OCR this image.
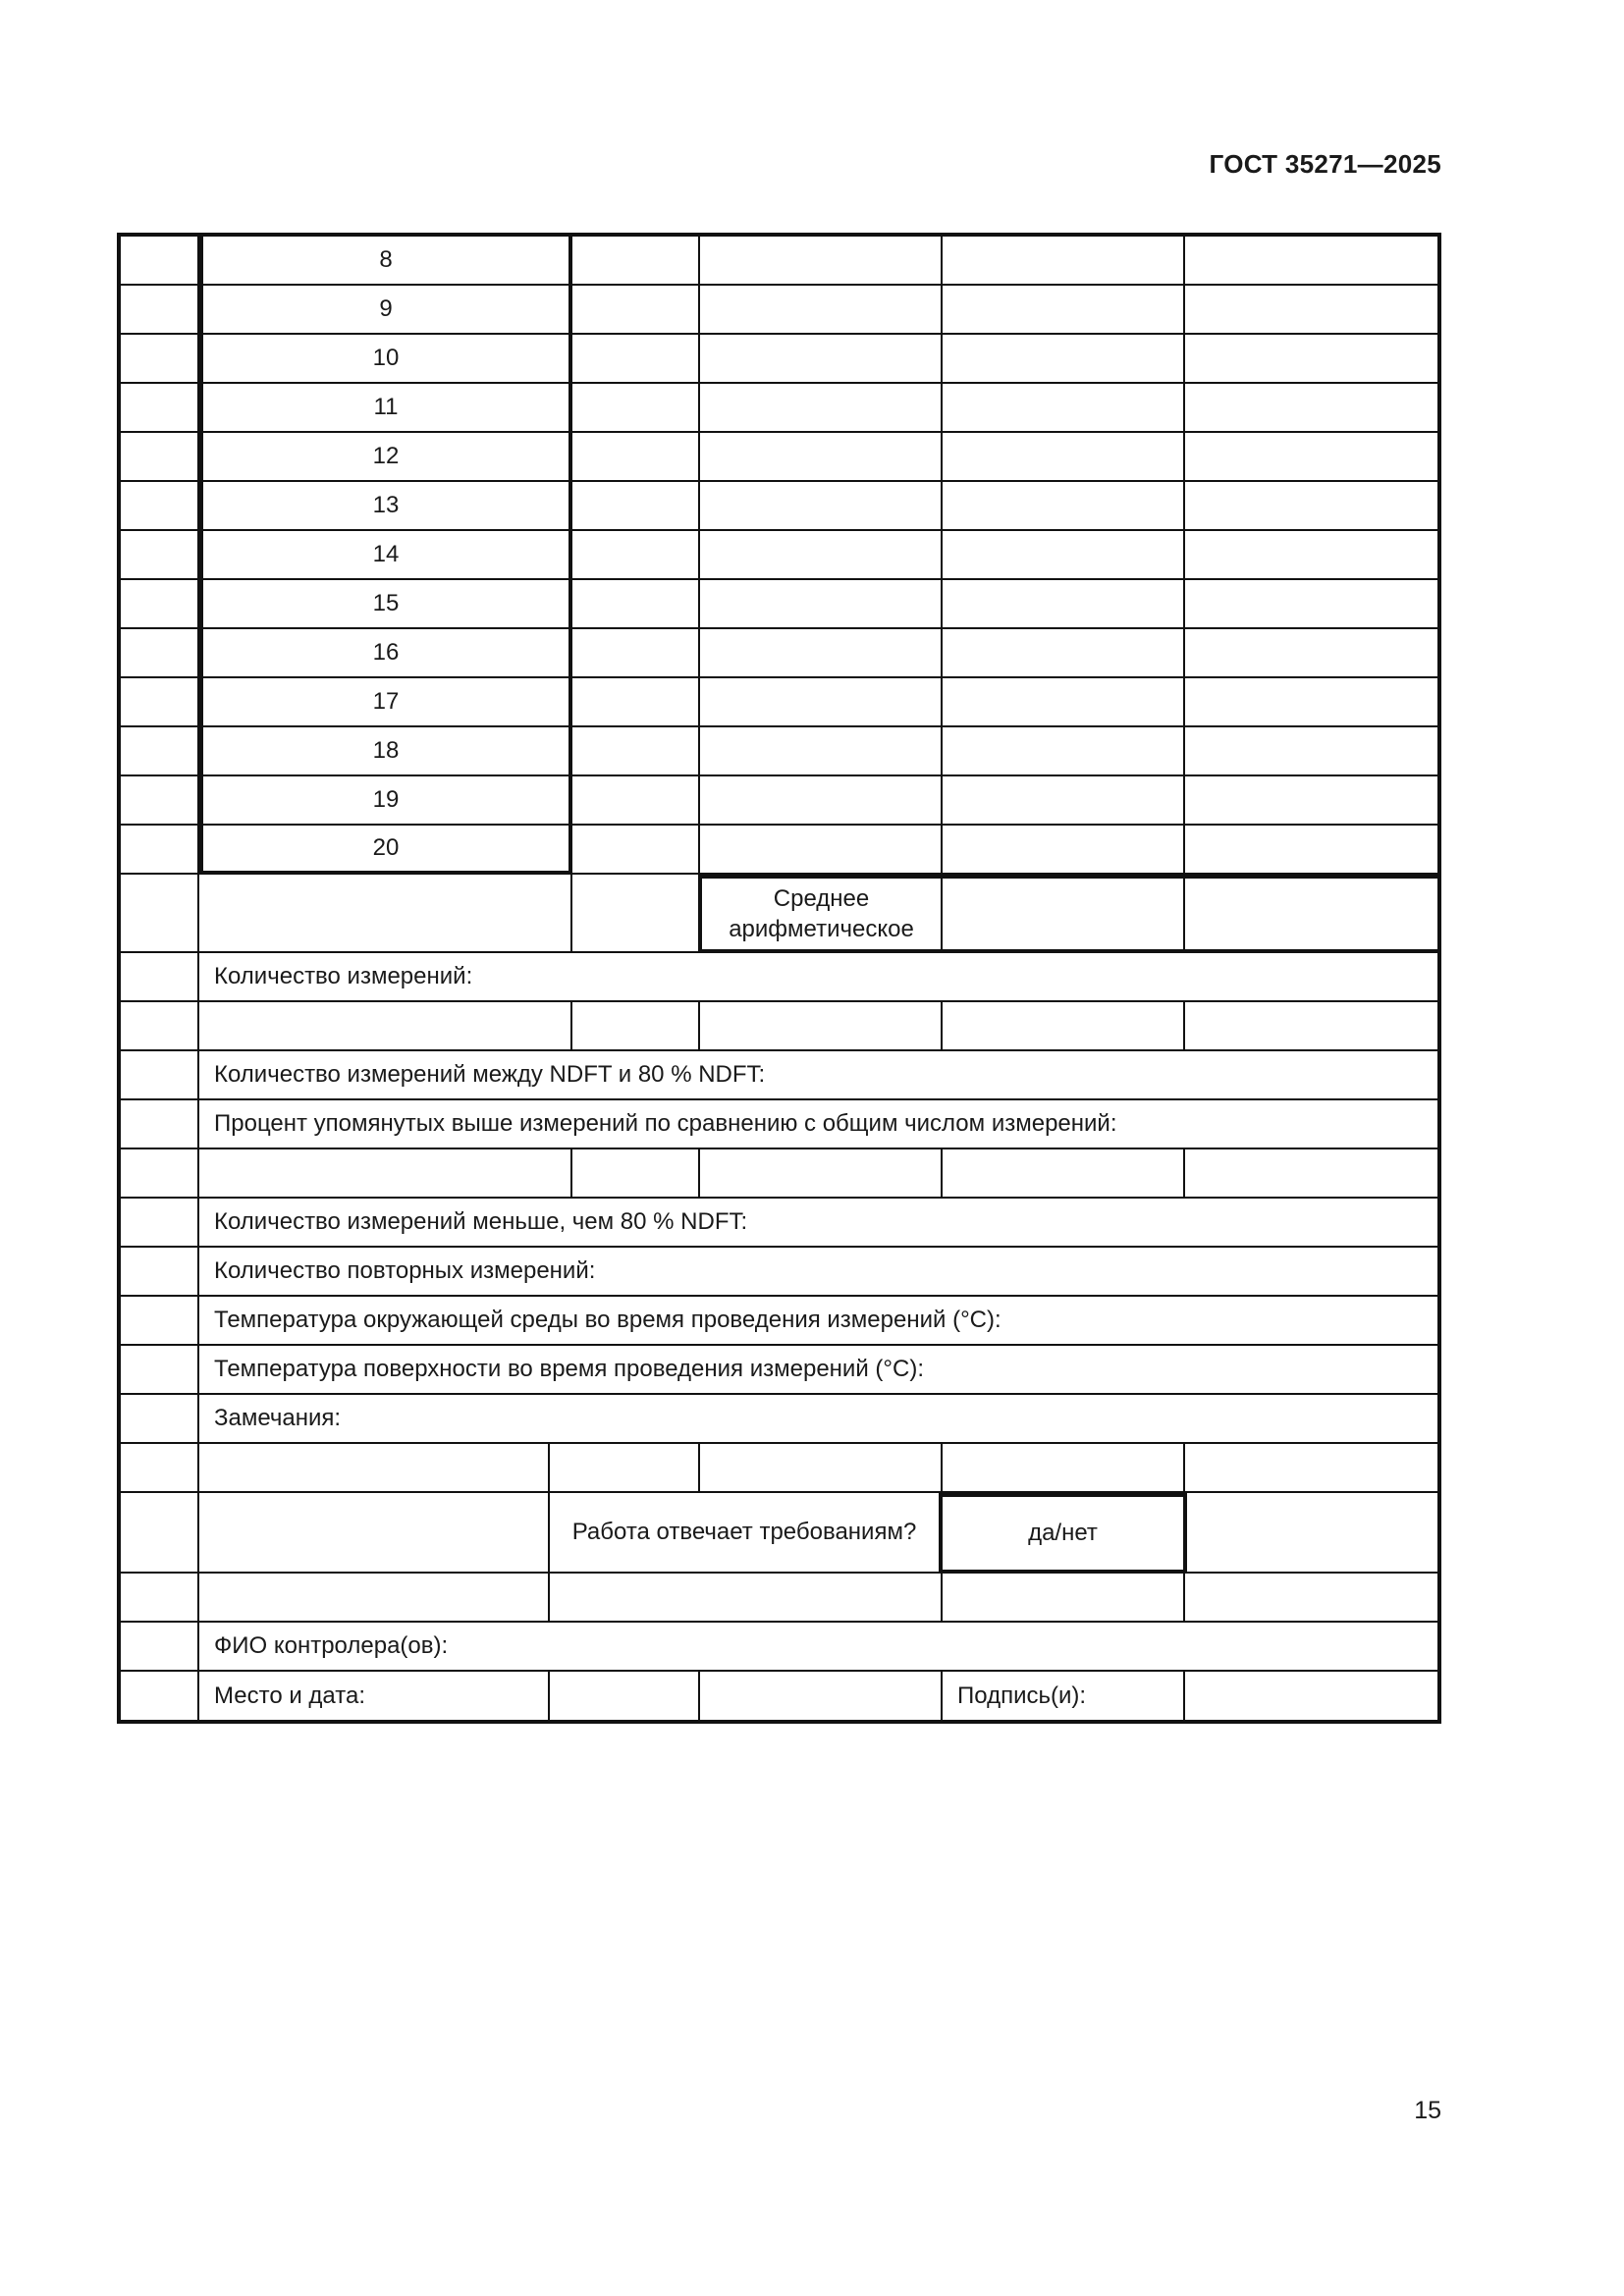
ГОСТ 35271—2025
8
9
10
11
12
13
14
15
16
17
18
19
20
Среднее арифметическое
Количество измерений:
Количество измерений между NDFT и 80 % NDFT:
Процент упомянутых выше измерений по сравнению с общим числом измерений:
Количество измерений меньше, чем 80 % NDFT:
Количество повторных измерений:
Температура окружающей среды во время проведения измерений (°C):
Температура поверхности во время проведения измерений (°C):
Замечания:
Работа отвечает требованиям?	да/нет
ФИО контролера(ов):
Место и дата:	Подпись(и):
15
